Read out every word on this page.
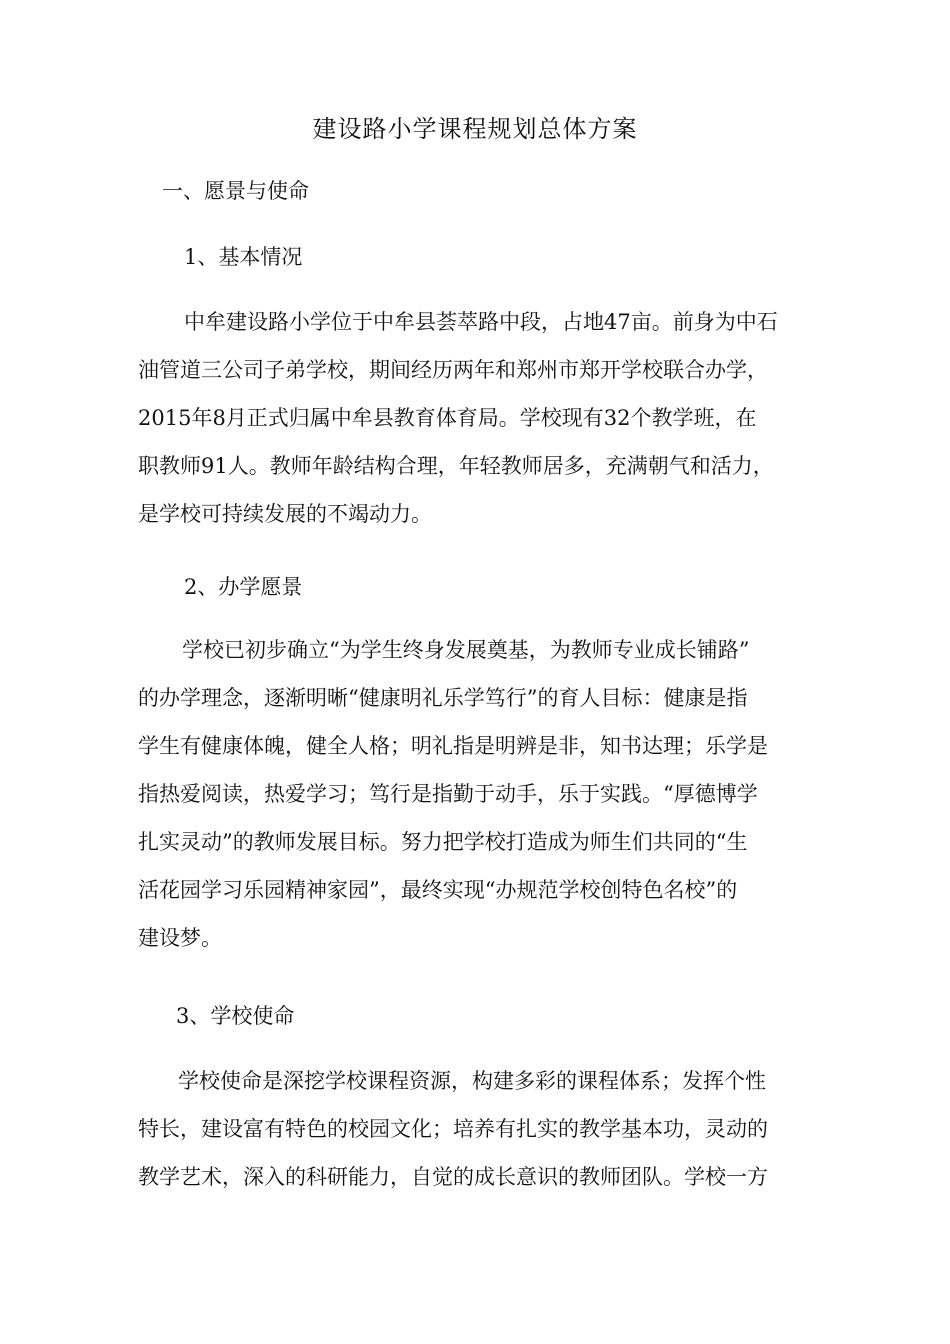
建设路小学课程规划总体方案
一、愿景与使命
1、基本情况
中牟建设路小学位于中牟县荟萃路中段，占地47亩。前身为中石
油管道三公司子弟学校，期间经历两年和郑州市郑开学校联合办学，
2015年8月正式归属中牟县教育体育局。学校现有32个教学班，在
职教师91人。教师年龄结构合理，年轻教师居多，充满朝气和活力，
是学校可持续发展的不竭动力。
2、办学愿景
学校已初步确立“为学生终身发展奠基，为教师专业成长铺路”
的办学理念，逐渐明晰“健康明礼乐学笃行”的育人目标：健康是指
学生有健康体魄，健全人格；明礼指是明辨是非，知书达理；乐学是
指热爱阅读，热爱学习；笃行是指勤于动手，乐于实践。“厚德博学
扎实灵动”的教师发展目标。努力把学校打造成为师生们共同的“生
活花园学习乐园精神家园”，最终实现“办规范学校创特色名校”的
建设梦。
3、学校使命
学校使命是深挖学校课程资源，构建多彩的课程体系；发挥个性
特长，建设富有特色的校园文化；培养有扎实的教学基本功，灵动的
教学艺术，深入的科研能力，自觉的成长意识的教师团队。学校一方
